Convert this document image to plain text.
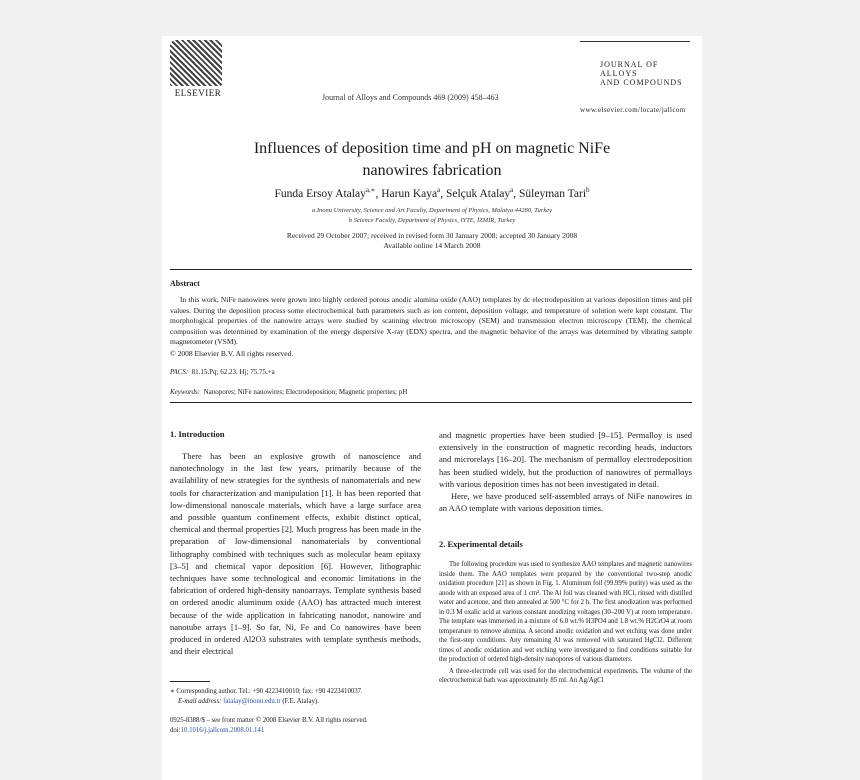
ELSEVIER	Journal of Alloys and Compounds 469 (2009) 458–463
JOURNAL OF
ALLOYS
AND COMPOUNDS
www.elsevier.com/locate/jallcom
Influences of deposition time and pH on magnetic NiFe
nanowires fabrication
Funda Ersoy Atalay$^{a,∗}$, Harun Kaya$^a$, Selçuk Atalay$^a$, Süleyman Tari$^b$
a Inonu University, Science and Art Faculty, Department of Physics, Malatya 44280, Turkey
b Science Faculty, Department of Physics, IYTE, İZMİR, Turkey
Received 29 October 2007; received in revised form 30 January 2008; accepted 30 January 2008
Available online 14 March 2008
Abstract
In this work, NiFe nanowires were grown into highly ordered porous anodic alumina oxide (AAO) templates by dc electrodeposition at various deposition times and pH values. During the deposition process some electrochemical bath parameters such as ion content, deposition voltage, and temperature of solution were kept constant. The morphological properties of the nanowire arrays were studied by scanning electron microscopy (SEM) and transmission electron microscopy (TEM), the chemical composition was determined by examination of the energy dispersive X-ray (EDX) spectra, and the magnetic behavior of the arrays was determined by vibrating sample magnetometer (VSM).
© 2008 Elsevier B.V. All rights reserved.
PACS: 81.15.Pq; 62.23. Hj; 75.75.+a
Keywords: Nanopores; NiFe nanowires; Electrodeposition; Magnetic properties; pH
1. Introduction

There has been an explosive growth of nanoscience and nanotechnology in the last few years, primarily because of the availability of new strategies for the synthesis of nanomaterials and new tools for characterization and manipulation [1]. It has been reported that low-dimensional nanoscale materials, which have a large surface area and possible quantum confinement effects, exhibit distinct optical, chemical and thermal properties [2]. Much progress has been made in the preparation of low-dimensional nanomaterials by conventional lithography combined with techniques such as molecular beam epitaxy [3–5] and chemical vapor deposition [6]. However, lithographic techniques have some technological and economic limitations in the fabrication of ordered high-density nanoarrays. Template synthesis based on ordered anodic aluminum oxide (AAO) has attracted much interest because of the wide application in fabricating nanodot, nanowire and nanotube arrays [1–9]. So far, Ni, Fe and Co nanowires have been produced in ordered Al2O3 substrates with template synthesis methods, and their electrical

∗ Corresponding author. Tel.: +90 4223410010; fax: +90 4223410037.
E-mail address: fatalay@inonu.edu.tr (F.E. Atalay).
0925-8388/$ – see front matter © 2008 Elsevier B.V. All rights reserved.
doi:10.1016/j.jallcom.2008.01.141

and magnetic properties have been studied [9–15]. Permalloy is used extensively in the construction of magnetic recording heads, inductors and microrelays [16–20]. The mechanism of permalloy electrodeposition has been studied widely, but the production of nanowires of permalloys with various deposition times has not been investigated in detail.

Here, we have produced self-assembled arrays of NiFe nanowires in an AAO template with various deposition times.

2. Experimental details

The following procedure was used to synthesize AAO templates and magnetic nanowires inside them. The AAO templates were prepared by the conventional two-step anodic oxidation procedure [21] as shown in Fig. 1. Aluminum foil (99.99% purity) was used as the anode with an exposed area of 1 cm². The Al foil was cleaned with HCl, rinsed with distilled water and acetone, and then annealed at 500 °C for 2 h. The first anodization was performed in 0.3 M oxalic acid at various constant anodizing voltages (30–200 V) at room temperature. The template was immersed in a mixture of 6.0 wt.% H3PO4 and 1.8 wt.% H2CrO4 at room temperature to remove alumina. A second anodic oxidation and wet etching was done under the first-step conditions. Any remaining Al was removed with saturated HgCl2. Different times of anodic oxidation and wet etching were investigated to find conditions suitable for the production of ordered high-density nanopores of various diameters.

A three-electrode cell was used for the electrochemical experiments. The volume of the electrochemical bath was approximately 85 ml. An Ag/AgCl
